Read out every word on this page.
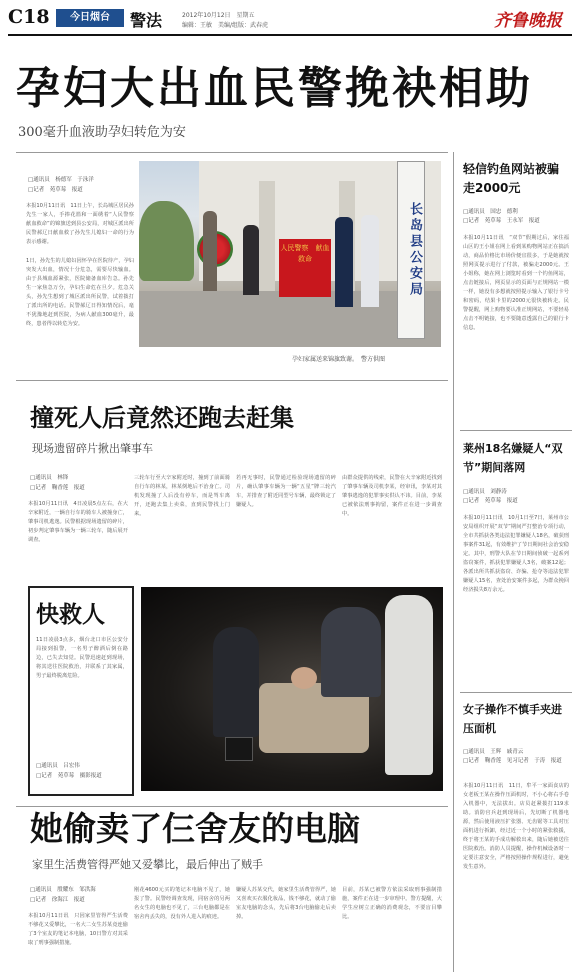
C18	今日烟台	警法	2012年10月12日　星期五
编辑：王敏　美编/组版：武春虎	齐鲁晚报
孕妇大出血民警挽袂相助
300毫升血液助孕妇转危为安
□通讯员　杨德军　于泳洋
□记者　苑草莓　报道
本报10月11日讯　11日上午，长岛城区居民孙先生一家人，手捧花篮和一面绣着“人民警察　献血救命”的锦旗送到县公安局，对城区派出所民警郝辽日献血救了孙先生儿媳妇一命的行为表示感谢。
1日，孙先生的儿媳妇因怀孕在医院待产，孕妇突发大出血，情况十分危急，需要尽快输血。由于县城血源紧张，医院储备血库告急。孙先生一家焦急万分，孕妇生命危在旦夕。危急关头，孙先生想到了城区派出所民警，试着拨打了派出所的电话。民警郝辽日得知情况后，毫不犹豫地赶到医院，为病人献血300毫升，最终，患者得以转危为安。
人民警察　献血救命	长岛县公安局
孕妇家属送来锦旗致谢。　警方供图
轻信钓鱼网站被骗走2000元
□通讯员　国忠　德利
□记者　苑草莓　王永军　报道
本报10月11日讯　“双节”假期过后，家住福山区的王小姐在网上看到某购物网站正在搞活动，商品价格比市场价便宜很多，于是她就按照网页提示进行了付款，被骗走2000元。王小姐称，她在网上浏览时看到一个钓鱼网站，点击链接后，网页显示的页面与正规网站一模一样，她没有多想就按照提示输入了银行卡号和密码，结果卡里的2000元很快被转走。民警提醒，网上购物要认准正规网站，不要轻易点击不明链接，也不要随意透露自己的银行卡信息。
莱州18名嫌疑人“双节”期间落网
□通讯员　刘静涛
□记者　苑草莓　报道
本报10月11日讯　10月1日至7日，莱州市公安局组织开展“双节”期间严打整治专项行动，全市共抓获各类违法犯罪嫌疑人18名，破获刑事案件31起，有效维护了节日期间社会治安稳定。其中，刑警大队在节日期间侦破一起系列盗窃案件，抓获犯罪嫌疑人3名，破案12起；各派出所共抓获盗窃、诈骗、抢夺等违法犯罪嫌疑人15名，查处治安案件多起，为群众挽回经济损失8万余元。
女子操作不慎手夹进压面机
□通讯员　王辉　戚青云
□记者　鞠香莲　见习记者　于涛　报道
本报10月11日讯　11日，牟平一家面食店的女老板王某在操作压面机时，不小心将右手卷入机器中，无法拔出。店员赶紧拨打119求助。消防官兵赶到现场后，先切断了机器电源，然后使用液压扩张器、无齿锯等工具对压面机进行拆卸，经过近一个小时的紧张救援，终于将王某的手成功解救出来，随后她被送往医院救治。消防人员提醒，操作机械设备时一定要注意安全，严格按照操作规程进行，避免发生意外。
撞死人后竟然还跑去赶集
现场遗留碎片揪出肇事车
□通讯员　林锋
□记者　鞠香莲　报道
本报10月11日讯　4日凌晨5点左右，在大辛家附近，一辆自行车的骑车人被撞身亡，肇事司机逃逸。民警根据现场遗留的碎片，初步判定肇事车辆为一辆三轮车，随后展开调查。
三轮车行至大辛家附近时，撞到了前面骑自行车的林某，林某倒地后不治身亡。司机发现撞了人后没有停车，而是驾车离开，还跑去集上卖菜，直到民警找上门来。
若再无事时，民警通过检验现场遗留的碎片，确认肇事车辆为一辆“五星”牌三轮汽车，并排查了附近同型号车辆，最终锁定了嫌疑人。
由群众提供的线索，民警在大辛家附近找到了肇事车辆及司机李某，经审讯，李某对其肇事逃逸的犯罪事实供认不讳。目前，李某已被依法刑事拘留，案件正在进一步调查中。
快救人
11日凌晨3点多，烟台北口市区公安分局接到报警，一名男子醉酒后倒在路边，已失去知觉。民警迅速赶到现场，将其送往医院救治，并联系了其家属，男子最终脱离危险。
□通讯员　吕宏伟
□记者　苑草莓　摄影报道
她偷卖了仨舍友的电脑
家里生活费管得严她又爱攀比，最后伸出了贼手
□通讯员　殷耀东　邹洪海
□记者　徐海江　报道
本报10月11日讯　只因家里管得严生活费不够花又爱攀比，一名大二女生苏某竟连偷了3个室友的笔记本电脑，10日警方对其采取了刑事强制措施。
刚花4600元买的笔记本电脑不见了，她报了警。民警经调查发现，同宿舍的另两名女生的电脑也不见了，三台电脑都是在宿舍内丢失的，没有外人进入的痕迹。
嫌疑人苏某交代，她家里生活费管得严，她又喜欢买衣服化妆品，钱不够花，就动了偷室友电脑的念头，先后将3台电脑偷走后卖掉。
目前，苏某已被警方依法采取刑事强制措施，案件正在进一步审理中。警方提醒，大学生应树立正确的消费观念，不要盲目攀比。
